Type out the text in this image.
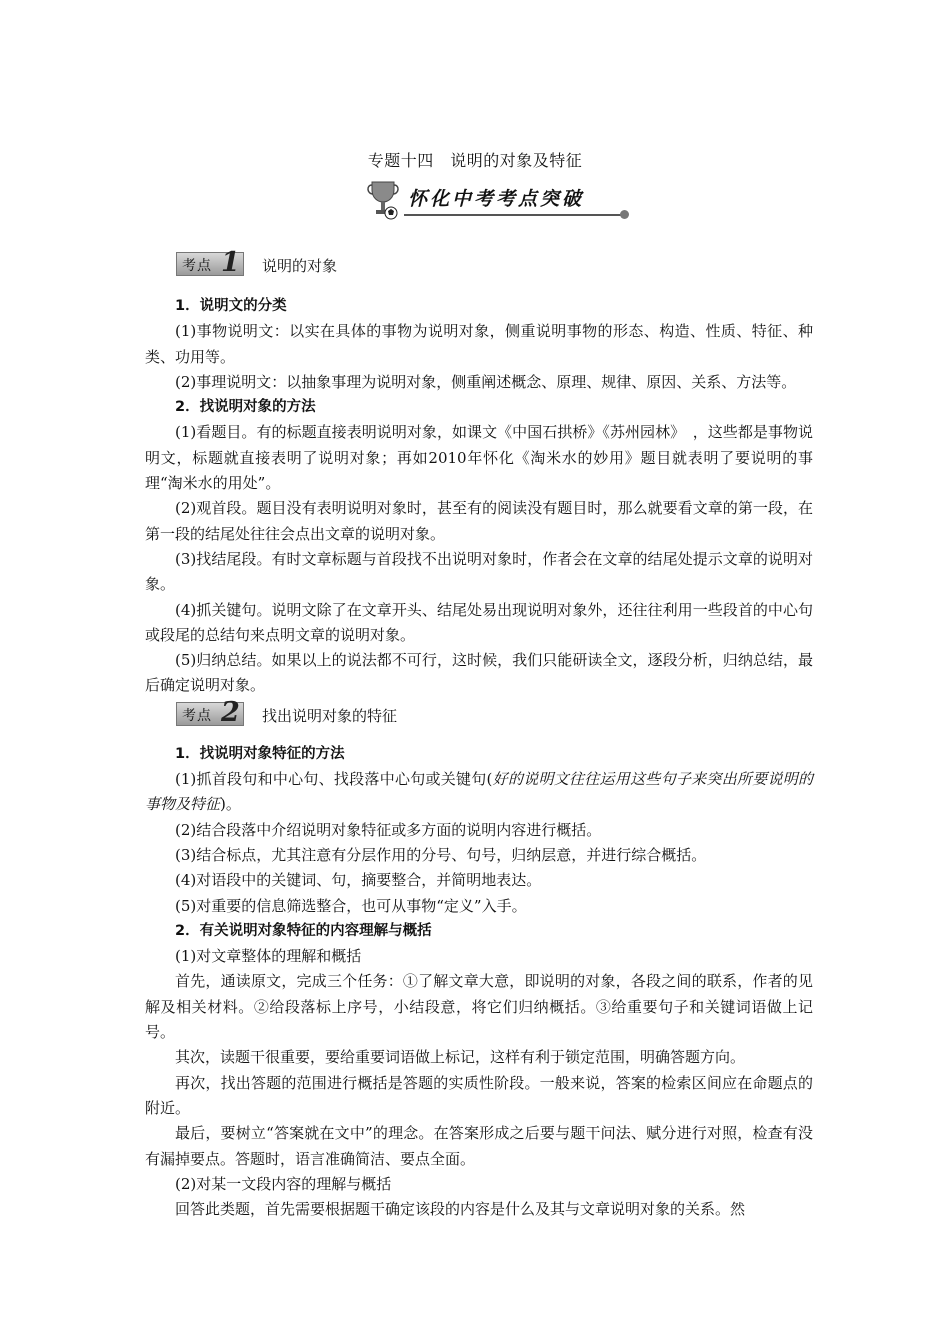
专题十四　说明的对象及特征
怀化中考考点突破
考点 1 说明的对象

1．说明文的分类

(1)事物说明文：以实在具体的事物为说明对象，侧重说明事物的形态、构造、性质、特征、种类、功用等。

(2)事理说明文：以抽象事理为说明对象，侧重阐述概念、原理、规律、原因、关系、方法等。

2．找说明对象的方法

(1)看题目。有的标题直接表明说明对象，如课文《中国石拱桥》《苏州园林》　，这些都是事物说明文，标题就直接表明了说明对象；再如2010年怀化《淘米水的妙用》题目就表明了要说明的事理“淘米水的用处”。

(2)观首段。题目没有表明说明对象时，甚至有的阅读没有题目时，那么就要看文章的第一段，在第一段的结尾处往往会点出文章的说明对象。

(3)找结尾段。有时文章标题与首段找不出说明对象时，作者会在文章的结尾处提示文章的说明对象。

(4)抓关键句。说明文除了在文章开头、结尾处易出现说明对象外，还往往利用一些段首的中心句或段尾的总结句来点明文章的说明对象。

(5)归纳总结。如果以上的说法都不可行，这时候，我们只能研读全文，逐段分析，归纳总结，最后确定说明对象。

1．找说明对象特征的方法

(1)抓首段句和中心句、找段落中心句或关键句(好的说明文往往运用这些句子来突出所要说明的事物及特征)。

(2)结合段落中介绍说明对象特征或多方面的说明内容进行概括。

(3)结合标点，尤其注意有分层作用的分号、句号，归纳层意，并进行综合概括。

(4)对语段中的关键词、句，摘要整合，并简明地表达。

(5)对重要的信息筛选整合，也可从事物“定义”入手。

2．有关说明对象特征的内容理解与概括

(1)对文章整体的理解和概括

首先，通读原文，完成三个任务：①了解文章大意，即说明的对象，各段之间的联系，作者的见解及相关材料。②给段落标上序号，小结段意，将它们归纳概括。③给重要句子和关键词语做上记号。

其次，读题干很重要，要给重要词语做上标记，这样有利于锁定范围，明确答题方向。

再次，找出答题的范围进行概括是答题的实质性阶段。一般来说，答案的检索区间应在命题点的附近。

最后，要树立“答案就在文中”的理念。在答案形成之后要与题干问法、赋分进行对照，检查有没有漏掉要点。答题时，语言准确简洁、要点全面。

(2)对某一文段内容的理解与概括

回答此类题，首先需要根据题干确定该段的内容是什么及其与文章说明对象的关系。然

考点 2 找出说明对象的特征
